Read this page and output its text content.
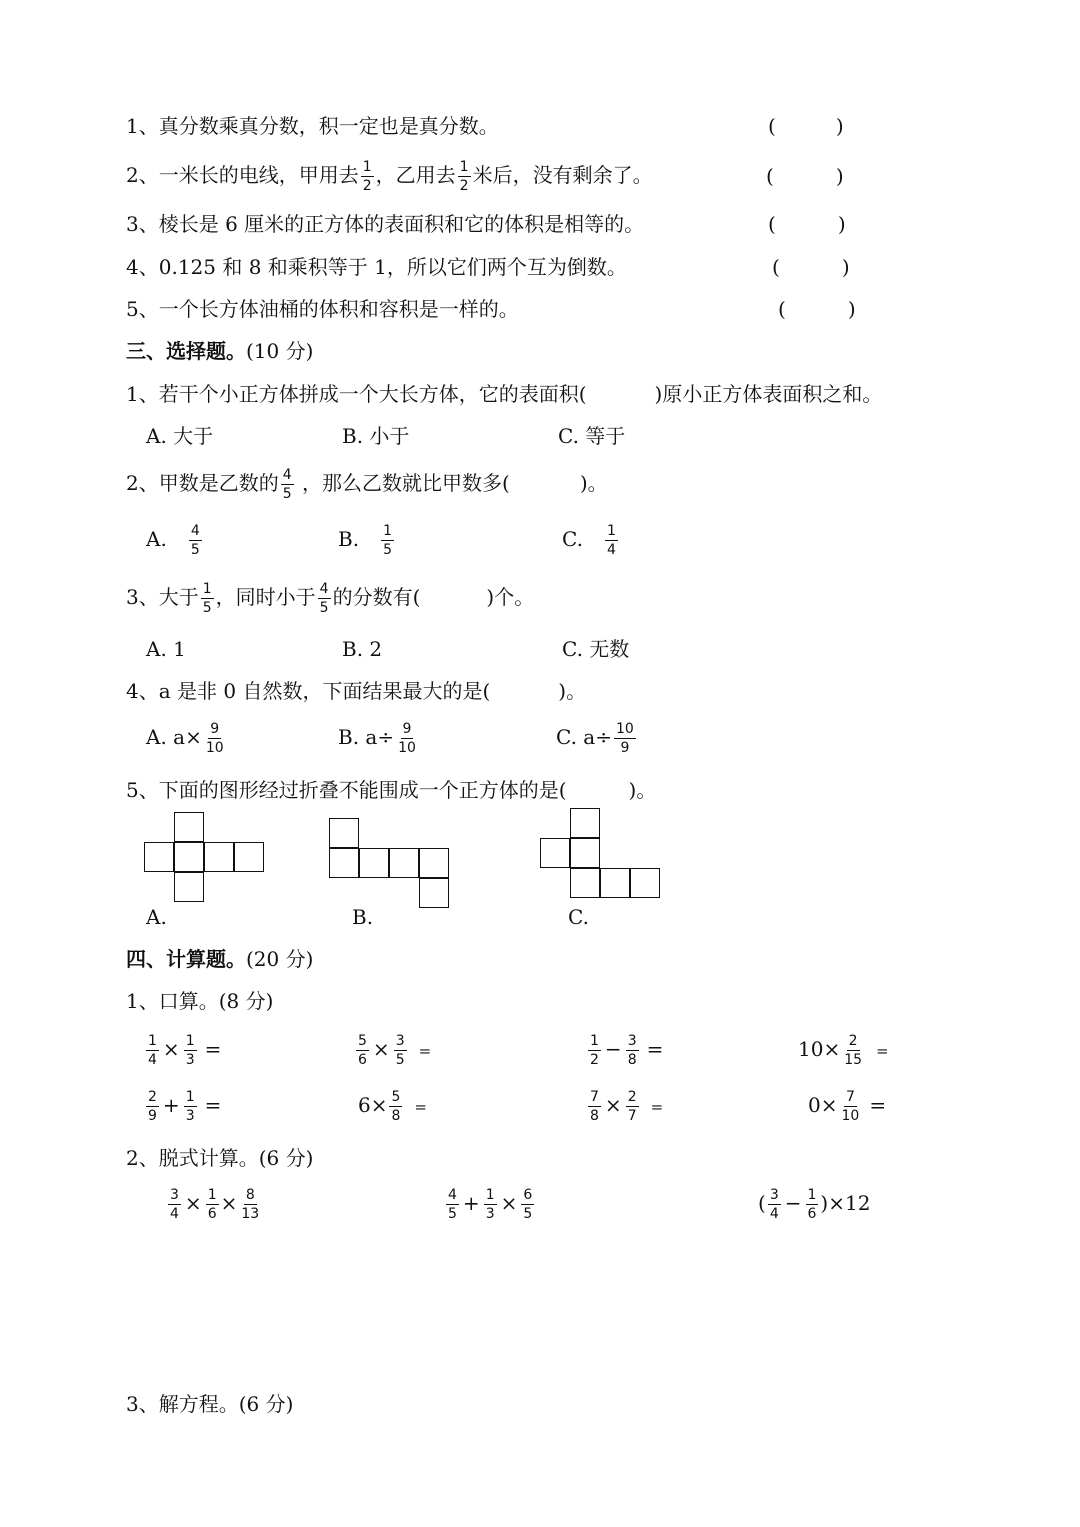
1、真分数乘真分数，积一定也是真分数。	(	)
2、一米长的电线，甲用去 $\frac{1}{2}$ ，乙用去 $\frac{1}{2}$ 米后，没有剩余了。	(	)
3、棱长是 6 厘米的正方体的表面积和它的体积是相等的。	(	)
4、0.125 和 8 和乘积等于 1，所以它们两个互为倒数。	(	)
5、一个长方体油桶的体积和容积是一样的。	(	)
三、选择题。(10 分)
1、若干个小正方体拼成一个大长方体，它的表面积(	)原小正方体表面积之和。
A. 大于	B. 小于	C. 等于
2、甲数是乙数的 $\frac{4}{5}$ ，那么乙数就比甲数多(	)。
A. $\frac{4}{5}$	B. $\frac{1}{5}$	C. $\frac{1}{4}$
3、大于 $\frac{1}{5}$ ，同时小于 $\frac{4}{5}$ 的分数有(	)个。
A. 1	B. 2	C. 无数
4、a 是非 0 自然数，下面结果最大的是(	)。
A. $a\times \frac{9}{10}$	B. $a\div \frac{9}{10}$	C. $a\div \frac{10}{9}$
5、下面的图形经过折叠不能围成一个正方体的是(	)。
A.	B.	C.
四、计算题。(20 分)
1、口算。(8 分)
$\frac{1}{4} \times \frac{1}{3}$ =	$\frac{5}{6} \times \frac{3}{5}$ =	$\frac{1}{2} - \frac{3}{8}$ =	$10\times \frac{2}{15}$ =
$\frac{2}{9} + \frac{1}{3}$ =	$6\times \frac{5}{8}$ =	$\frac{7}{8} \times \frac{2}{7}$ =	$0\times \frac{7}{10}$ =
2、脱式计算。(6 分)
$\frac{3}{4} \times \frac{1}{6} \times \frac{8}{13}$	$\frac{4}{5} + \frac{1}{3} \times \frac{6}{5}$	( $\frac{3}{4} - \frac{1}{6} )\times 12$
3、解方程。(6 分)
